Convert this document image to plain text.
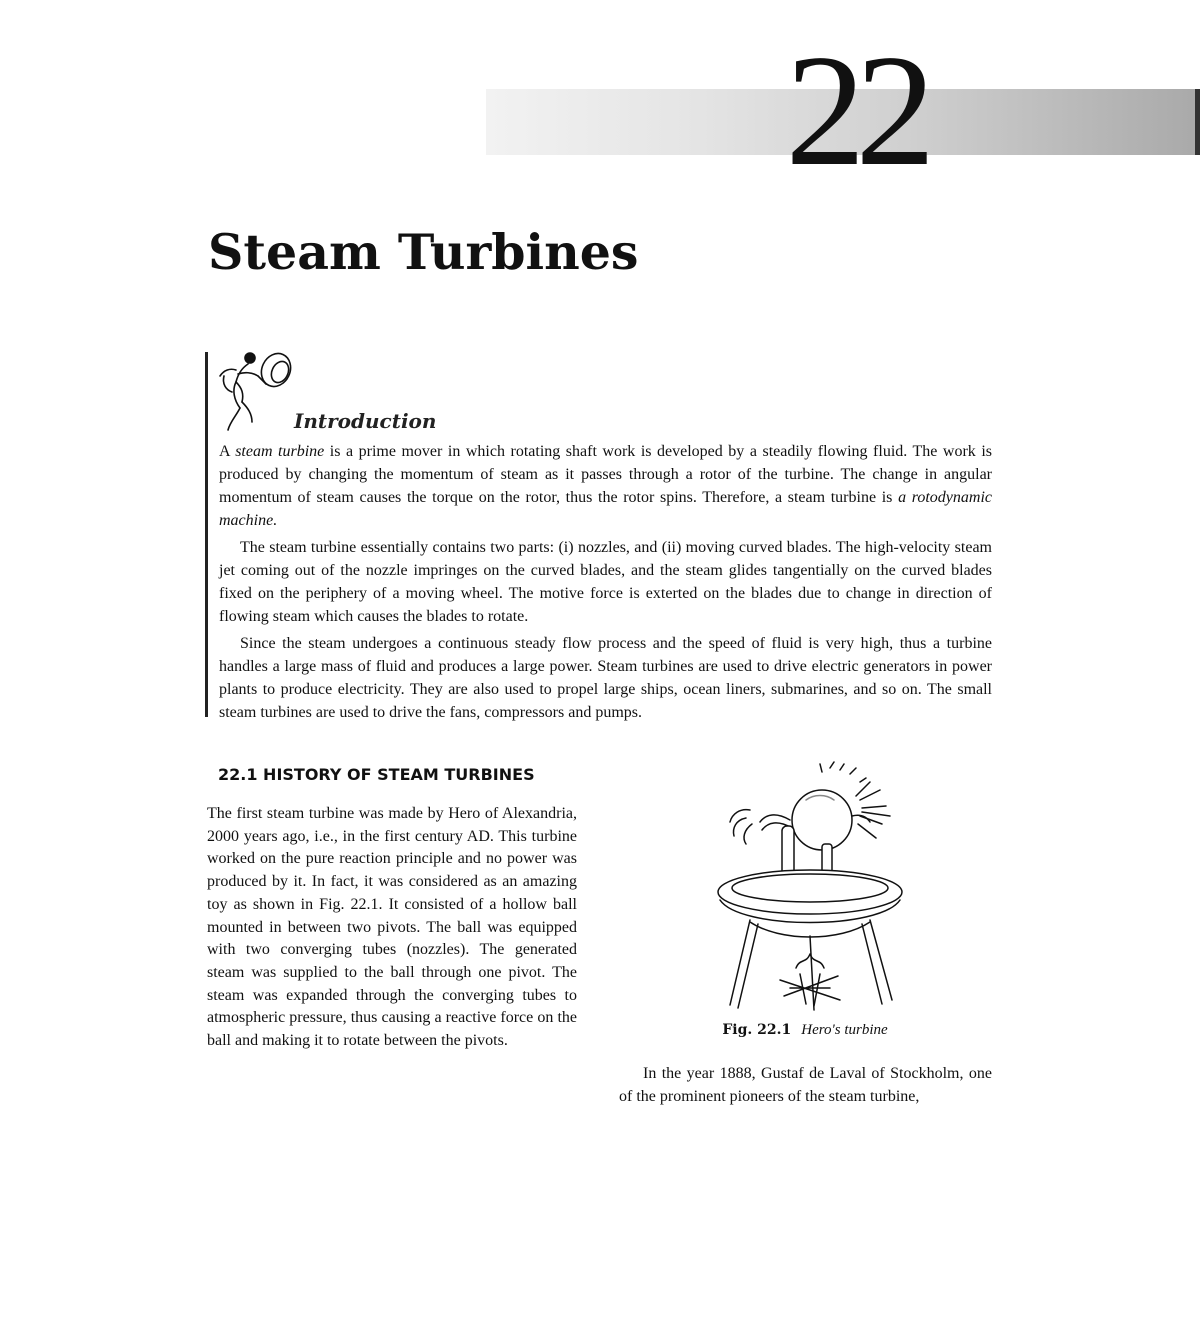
22
Steam Turbines
Introduction

A steam turbine is a prime mover in which rotating shaft work is developed by a steadily flowing fluid. The work is produced by changing the momentum of steam as it passes through a rotor of the turbine. The change in angular momentum of steam causes the torque on the rotor, thus the rotor spins. Therefore, a steam turbine is a rotodynamic machine.

The steam turbine essentially contains two parts: (i) nozzles, and (ii) moving curved blades. The high-velocity steam jet coming out of the nozzle impringes on the curved blades, and the steam glides tangentially on the curved blades fixed on the periphery of a moving wheel. The motive force is exterted on the blades due to change in direction of flowing steam which causes the blades to rotate.

Since the steam undergoes a continuous steady flow process and the speed of fluid is very high, thus a turbine handles a large mass of fluid and produces a large power. Steam turbines are used to drive electric generators in power plants to produce electricity. They are also used to propel large ships, ocean liners, submarines, and so on. The small steam turbines are used to drive the fans, compressors and pumps.

22.1 HISTORY OF STEAM TURBINES

The first steam turbine was made by Hero of Alexandria, 2000 years ago, i.e., in the first century AD. This turbine worked on the pure reaction principle and no power was produced by it. In fact, it was considered as an amazing toy as shown in Fig. 22.1. It consisted of a hollow ball mounted in between two pivots. The ball was equipped with two converging tubes (nozzles). The generated steam was supplied to the ball through one pivot. The steam was expanded through the converging tubes to atmospheric pressure, thus causing a reactive force on the ball and making it to rotate between the pivots.

Fig. 22.1 Hero's turbine

In the year 1888, Gustaf de Laval of Stockholm, one of the prominent pioneers of the steam turbine,
